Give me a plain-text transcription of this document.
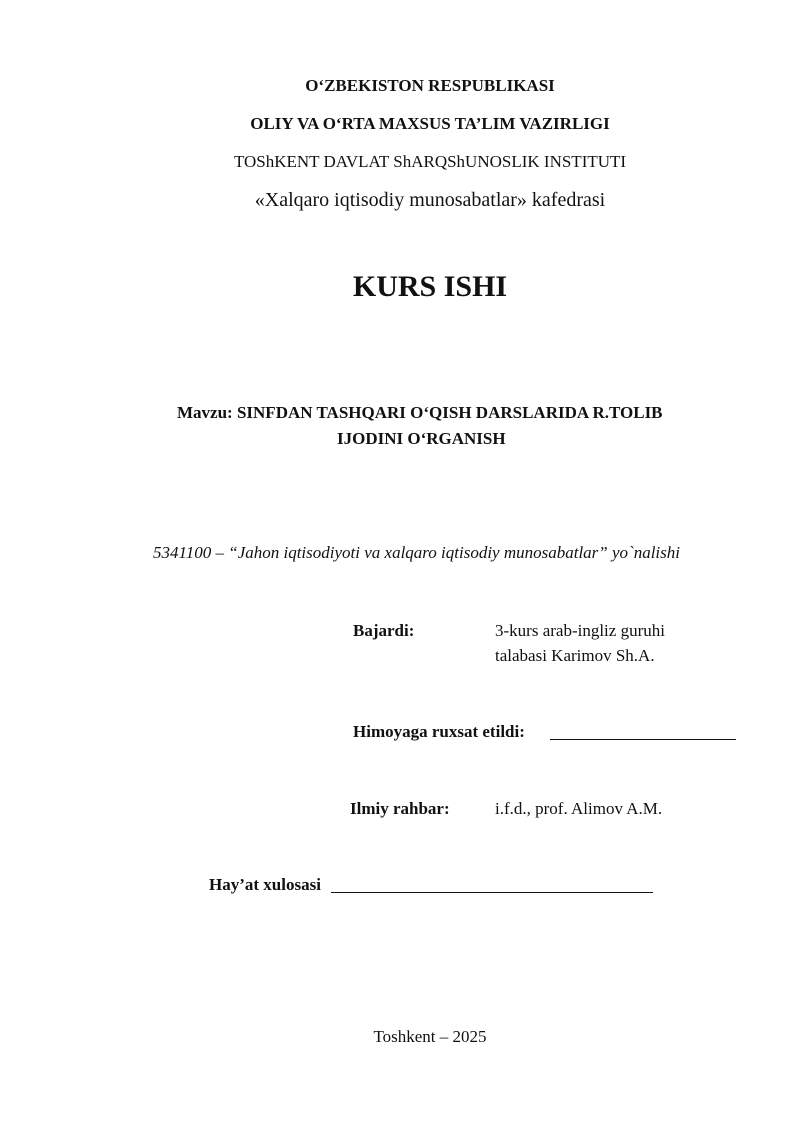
O‘ZBEKISTON RESPUBLIKASI
OLIY VA O‘RTA MAXSUS TA’LIM VAZIRLIGI
TOShKENT DAVLAT ShARQShUNOSLIK INSTITUTI
«Xalqaro iqtisodiy munosabatlar» kafedrasi
KURS ISHI
Mavzu: SINFDAN TASHQARI O‘QISH DARSLARIDA R.TOLIB
IJODINI O‘RGANISH
5341100 – “Jahon iqtisodiyoti va xalqaro iqtisodiy munosabatlar” yo`nalishi
Bajardi:	3-kurs arab-ingliz guruhi
talabasi Karimov Sh.A.
Himoyaga ruxsat etildi:
Ilmiy rahbar:	i.f.d., prof. Alimov A.M.
Hay’at xulosasi
Toshkent – 2025
